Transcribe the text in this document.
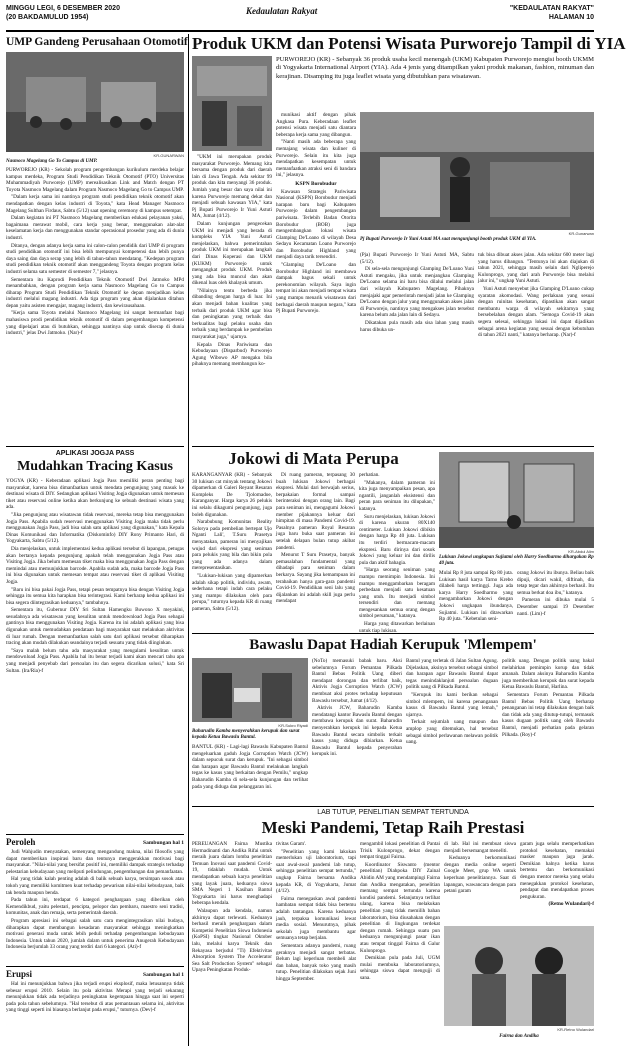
MINGGU LEGI, 6 DESEMBER 2020
(20 BAKDAMULUD 1954)
Kedaulatan Rakyat	"KEDAULATAN RAKYAT"
HALAMAN 10
UMP Gandeng Perusahaan Otomotif
KR-GUNARWAN
Nasmoco Magelang Go To Campus di UMP.

PURWOREJO (KR) - Sekolah program pengembangan kurikulum merdeka belajar kampus merdeka, Program Studi Pendidikan Teknik Otomotif (PTO) Universitas Muhammadiyah Purworejo (UMP) merealisasikan Link and Match dengan PT Toyota Nasmoco Magelang dalam Program Nasmoco Magelang Go to Campus UMP.

"Dalam kerja sama ini nantinya program studi pendidikan teknik otomotif akan mendapatkan dengan kelas industri di Toyota," kata Head Manager Nasmoco Magelang Sulthan Firdaus, Sabtu (5/12) saat opening ceremony di kampus setempat.

Dalam kegiatan ini PT Nasmoco Magelang memberikan edukasi pelayanan yaksi, bagaimana merawat mobil, cara kerja yang benar, menggunakan alat-alat keselamatan kerja dan menggunakan standar operasional prosedur yang ada di dunia industri.

Ditanya, dengan adanya kerja sama ini calon-calon pendidik dari UMP di program studi pendidikan otomotif ini bisa lebih mempunyai kompetensi dan lebih punya daya saing dan daya serap yang lebih di tahun-tahun mendatang. "Kedepan program studi pendidikan teknik otomotif akan menggandeng Toyota dengan program kelas industri selama satu semester di semester 7," jelasnya.

Sementara itu Kaprodi Pendidikan Teknik Otomotif Dwi Jatmoko MPd menambahkan, dengan program kerja sama Nasmoco Magelang Go to Campus diharap Program Studi Pendidikan Teknik Otomotif ke depan menjadikan kelas industri melalui magang industri. Ada tiga program yang akan dijalankan ditahun depan yaitu asisten mengajar, magang industri, dan kewirausahaan.

"Kerja sama Toyota melalui Nasmoco Magelang ini sangat bermanfaat bagi mahasiswa prodi pendidikan teknik otomotif di dalam pengembangan kompetensi yang dipelajari atau di butuhkan, sehingga nantinya siap untuk diserap di dunia industri," jelas Dwi Jatmoko. (Nar)-f

APLIKASI JOGJA PASS
Mudahkan Tracing Kasus

YOGYA (KR) - Keberadaan aplikasi Jogja Pass memiliki peran penting bagi masyarakat, karena bisa dimanfaatkan untuk mendata pengunjung yang masuk ke destinasi wisata di DIY. Sedangkan aplikasi Visiting Jogja digunakan untuk memesan tiket atau reservasi online ketika akan berkunjung ke sebuah destinasi wisata yang ada.

"Jika pengunjung atau wisatawan tidak reservasi, mereka tetap bisa menggunakan Jogja Pass. Apabila sudah reservasi menggunakan Visiting Jogja maka tidak perlu menggunakan Jogja Pass, jadi bisa salah satu aplikasi yang digunakan," kata Kepala Dinas Komunikasi dan Informatika (Diskominfo) DIY Rony Primanto Hari, di Yogyakarta, Sabtu (5/12).

Dia menjelaskan, untuk implementasi kedua aplikasi tersebut di lapangan, petugas akan bertanya kepada pengunjung apakah telah menggunakan Jogja Pass atau Visiting Jogja. Jika belum memesan tiket maka bisa menggunakan Jogja Pass dengan memindai atau memunjukkan barcode. Apabila sudah ada, maka barcode Jogja Pass ini bisa digunakan untuk memesan tempat atau reservasi tiket di aplikasi Visiting Jogja.

"Baru ini bisa pakai Jogja Pass, tetapi pesan tempatnya bisa dengan Visiting Jogja sehingga itu semua kita harapkan bisa terintegrasi. Kami berharap kedua aplikasi ini bisa segera diintegrasikan keduanya," tambahnya.

Sementara itu, Gubernur DIY Sri Sultan Hamengku Buwono X meyakini, sesudahnya ada wisatawan yang kesulitan untuk mendownload Jogja Pass sebagai gantinya bisa menggunakan Visiting Jogja. Karena itu ini adalah aplikasi yang bisa digunakan untuk memudahkan pendataan bagi masyarakat saat melakukan aktivitas di luar rumah. Dengan memanfaatkan salah satu dari aplikasi tersebut diharapkan tracing akan mudah dilakukan seandainya terjadi sesuatu yang tidak diinginkan.

"Saya malah belum tahu ada masyarakat yang mengalami kesulitan untuk mendownload Jogja Pass. Apabila hal itu benar terjadi kami akan mencari tahu apa yang menjadi penyebab dari persoalan itu dan segera dicarikan solusi," kata Sri Sultan. (Ira/Ria)-f

Peroleh	Sambungan hal 1

Judi Wahjudin menyatakan, semenyang mengandung makna, nilai filosofis yang dapat memberikan inspirasi baru dan tentunya menggerakkan motivasi bagi masyarakat. "Nilai-nilai yang bersifat positif ini, memiliki dampak strategis terhadap pelestarian kebudayaan yang meliputi pelindungan, pengembangan dan pemanfaatan.

Hal yang tidak kalah penting adalah di balik sebuah karya, tersimpan sosok atau tokoh yang memiliki komitmen kuat terhadap pewarisan nilai-nilai kebudayaan, baik tak benda maupun benda.

Pada tahun ini, terdapat 6 kategori penghargaan yang diberikan oleh Kemendikbud, yaitu pelestari, pencipta, pelopor dan pembaru, maestro seni tradisi, komunitas, anak dan remaja, serta pemerintah daerah.

Program apresiasi ini sebagai salah satu cara mengintegrasikan nilai budaya, diharapkan dapat membangun kesadaran masyarakat sehingga meningkatkan motivasi generasi muda untuk lebih peduli terhadap pengembangan kebudayaan Indonesia. Untuk tahun 2020, jumlah dalam untuk penerima Anugerah Kebudayaan Indonesia berjumlah 33 orang yang terdiri dari 6 kategori. (Ati)-f

Erupsi	Sambungan hal 1

Hal ini menunjukkan bahwa jika terjadi erupsi eksplosif, maka letusannya tidak sebesar erupsi 2010. Selain itu pola aktivitas Merapi yang terjadi sekarang menunjukkan tidak ada terjadinya peningkatan kegempaan hingga saat ini seperti pada pola tahun sebelumnya. "Hal tersebut di atas pemantauan selama ini, aktivitas yang tinggi seperti ini biasanya berlanjut pada erupsi," tuturnya. (Dev)-f

Produk UKM dan Potensi Wisata Purworejo Tampil di YIA

PURWOREJO (KR) - Sebanyak 36 produk usaha kecil menengah (UKM) Kabupaten Purworejo mengisi booth UKMM di Yogyakarta International Airport (YIA). Ada 4 jenis yang ditampilkan yakni produk makanan, fashion, minuman dan kerajinan. Disamping itu juga leaflet wisata yang dibutuhkan para wisatawan.

"UKM ini merupakan produk masyarakat Purworejo. Memang kita bersama dengan produk dari daerah lain di Jawa Tengah. Ada sekitar 99 produk dan kita menyangi 36 produk. Jumlah yang besar dan saya nilai ini karena Purworejo memang dekat dan menjadi sebuah kawasan YIA," kata Pj Bupati Purworejo Ir Yuni Astuti MA, Jumat (4/12).

Dalam kunjungan pengecekan UKM ini menjadi yang berada di kompleks YIA Yuni Astuti menjelaskan, bahwa pemerintahan produk UKM ini merupakan langkah dari Dinas Koperasi dan UKM (KUKM) Purworejo untuk mengangkat produk UKM. Produk yang ada bisa muncul dan akan dikenal luas oleh khalayak umum.

"Nilainya tentu berbeda jika dibanding dengan harga di luar. Ini akan menjadi bahan kualitas yang terbaik dari produk UKM agar bisa dan peningkatan yang terbaik dan berkualitas bagi pelaku usaha dan terbaik yang berdampak ke pembelian masyarakat juga," ujarnya.

Kepala Dinas Pariwisata dan Kebudayaan (Disparbud) Purworejo Agung Wibowo AP mengaku bila pihaknya memang membangun ko-

munikasi aktif dengan pihak Angkasa Pura. Keberadaan leaflet potensi wisata menjadi satu diantara beberapa kerja sama yang dibangun.

"Nanti masih ada beberapa yang memajang wisata dan kuliner di Purworejo. Selain itu kita juga mendapatkan kesempatan untuk memanfaatkan atraksi seni di bandara ini," jelasnya.

KSPN Borobudur

Kawasan Strategis Pariwisata Nasional (KSPN) Borobudur menjadi harapan baru bagi Kabupaten Purworejo dalam pengembangan pariwisata. Terlebih Badan Otorita Borobudur (BOB) juga mengembangkan lokasi wisata Glamping De'Loano di wilayah Desa Sedayu Kecamatan Loano Purworejo dan Borobudur Highland yang menjadi daya tarik tersendiri.

"Glamping De'Loano dan Borobudur Highland ini membawa dampak bagus sekali untuk perekonomian wilayah. Saya ingin tempat ini akan menjadi tempat wisata yang mampu menarik wisatawan dari berbagai daerah maupun negara," kata Pj Bupati Purworejo.

KR-Gunarwan
Pj Bupati Purworejo Ir Yuni Astuti MA saat mengunjungi booth produk UKM di YIA.

(Pja) Bupati Purworejo Ir Yuni Astuti MA, Sabtu (5/12).

Di sela-sela mengunjungi Glamping De'Loano Yuni Astuti mengaku, jika untuk menjangkau Glamping De'Loano selama ini baru bisa dilalui melalui jalan dari wilayah Kabupaten Magelang. Pihaknya menjajaki agar pemerintah menjadi jalan ke Glamping De'Loano dengan jalur yang menggunakan akses jalan di Purworejo, nantinya yang mengakses jalan tersebut karena belum ada jalan lain di Sedayu.

Dikatakan pula masih ada sisa lahan yang masih harus dibuka un-

tuk bisa dibuat akses jalan. Ada sekitar 600 meter lagi yang harus dibangun. "Tentunya ini akan diajukan di tahun 2021, sehingga masih selain dari Ngliperejo Kulonprogo, yang dari arah Purworejo bisa melalui jalur ini," ungkap Yuni Astuti.

Yuni Astuti menyebut jika Glamping D'Loano cukup syaratan akomodasi. Wang perlakuan yang sesuai dengan ruinitas kesehatan, dipastikan akan sangat membantu warga di wilayah sekitarnya yang bersebelahan dengan alam. "Semoga Covid-19 akan segera selesai, sehingga lokasi ini dapat dijadikan sebagai arena kegiatan yang sesuai dengan kebutuhan di tahun 2021 nanti," katanya berharap. (Nar)-f

Jokowi di Mata Perupa

KARANGANYAR (KR) - Sebanyak 30 lukisan cat minyak tentang Jokowi dipamerkan di Galeri Reyant Resaran Kompleks De Tjolomadoe, Karanganyar. Harga karya 26 pelukis ini selalu dikagumi pengunjung, juga boleh digunakan.

Narabubung Komunitas Reality Solorya pada pembelian bertepat Ujo Nganti Lali', T.Suru Prasetya menyatakan, pameran ini menyajikan wujud dari ekspresi yang seniman para pelukis yang bila dan bikin pola yang ada adanya dalam merepresentasikan.

"Lukisan-lukisan yang dipamerkan adalah sikap politik, individu, awam, sederhana tetapi indah cara pelaku yang mampu dilakukan oleh para perupa," tuturnya kepada KR di ruang pameran, Sabtu (5/12).

Di ruang pameran, terpasang 30 buah lukisan Jokowi berbagai ekspresi. Mulai dari berwajah serius, berpakaian formal sampai berinteraksi dengan orang lain. Bagi para seniman ini, mengagumi Jokowi member pijakannya keluar dari himpitan di masa Pandemi Covid-19. Pasalnya pameran Royal Resaran juga baru buka saat pameran ini setelah delapan bulan tutup akibat pandemi.

Menurut T Suru Prasetya, banyak pemasalahan fundamental yang dihadapi para seniman dalam berkarya. Sayang jika kemampuan ini terabaikan hanya gara-gara pandemi Covid-19. Pendidikan seni lalu yang dijalankan ini adalah skill juga perlu mendapat

perhatian.

"Makanya, dalam pameran ini kita juga menyampaikan pesan, apa ngantili, janganlah eksistensi dan peran para seniman itu dilupakan," katanya.

Suru menjelaskan, lukisan Jokowi di karena ukuran 80X140 centimeter. Lukisan Jokowi dibikin dengan harga Rp 40 juta. Lukisan itu terdiri bermacam-macam ekspresi. Baru dirinya dari sosok Jokowi yang keluar ini dan dirilis pula dan aktif bahagia.

"Harga seorang seniman yang mampu memimpin Indonesia. Ini mampu menggambarkan beragam perbedaan menjadi satu kesatuan yang utuh. Itu menjadi simbol tersendiri dan memang mengesankan semua orang dengan simbol persatuan," katanya.

Harga yang ditawarkan berlainan untuk tiap lukisan.

KR-Abdul Alim
Lukisan Jokowi ungkapan Sujiatmi oleh Harry Soedharmo dihargakan Rp 40 juta.

Mulai Rp 8 juta sampai Rp 80 juta. Lukisan hasil karya Tarno Krebo dilabeli harga tertinggi. Juga ada karya Harry Soedharmo yang mengambarkan Jokowi dengan Jokowi ungkapan ibundanya, Sujiatmi. Lukisan ini ditawarkan Rp 40 juta. "Kebetulan seni-

orang Jokowi itu ibunya. Beliau baik dipuji, dicari wakil, diftinah, dia tetap tegar dan akhirnya berhasil. Itu semua berkat doa ibu," katanya.

Pameran ini dibuka mulai 5 Desember sampai 19 Desember nanti. (Lim)-f

Bawaslu Dapat Hadiah Kerupuk 'Mlempem'
KR-Sukro Riyadi
Baharudin Kamba menyerahkan kerupuk dan surat kepada Ketua Bawaslu Bantul.

BANTUL (KR) - Lagi-lagi Bawaslu Kabupaten Bantul mengeluarkan gaduh Jogja Corruption Watch (JCW) dalam sepucuk surat dan kerupuk. "Ini sebagai simbol dan harapan agar Bawaslu Bantul melakukan langkah tegas ke kasus yang berkaitan dengan Pemilu," ungkap Baharudin Kamba di sela-sela kunjungan dan terlihat pada yang diduga dan pelanggaran ini.

(NoTo) memasuki babak baru. Aksi sebelumnya Forum Pemantau Pilkada Bantul Bebas Politik Uang diberi mendapat dorongan dan terlibat baik, Aktivis Jogja Corruption Watch (JCW) membuat aksi protes terhadap keputusan Bawaslu tersebut, Jumat (4/12).

Aktivis JCW, Baharudin Kamba mendatangi kantor Bawaslu Bantul dengan membawa kerupuk dan surat. Baharudin menyerahkan kerupuk ini kepada Ketua Bawaslu Bantul secara simbolis terkait kasus yang diduga dibiarkan. Ketua Bawaslu Bantul kepada penyerahan kerupuk ini.

Bantul yang terletak di Jalan Sultan Agung. Dijelaskan, aksinya tersebut sebagai simbol dan harapan agar Bawaslu Bantul dapat tegas menindaklanjuti persoalan dugaan politik uang di Pilkada Bantul.

"Kerupuk itu kami berikan sebagai simbol mlempem, ini karena penanganan kasus di Bawaslu Bantul yang lemah," ujarnya.

Terkait sejumlah uang maupun dan amplop yang ditemukan, hal tersebut sebagai simbol perlawanan melawan politik uang.

politik uang. Dengan politik uang bakal melahirkan pemimpin korup dan tidak amanah. Dalam aksinya Baharudin Kamba juga memberikan kerupuk dan surat kepada Ketua Bawaslu Bantul, Harlina.

Sementara Forum Pemantau Pilkada Bantul Bebas Politik Uang berharap penanganan ini tetap dilakukan dengan baik dan tidak ada yang ditutup-tutupi, termasuk kasus dugaan politik uang oleh Bawaslu Bantul, menjadi perhatian pada gelaran Pilkada. (Roy)-f

LAB TUTUP, PENELITIAN SEMPAT TERTUNDA
Meski Pandemi, Tetap Raih Prestasi

PEREUANGAN Fairna Mustika Hermadinanti dan Andika Rifai untuk meraih juara dalam lomba penelitian Temuan Inovasi saat pandemi Covid-19, tidaklah mudah. Untuk mendapatkan sebuah karya penelitian yang layak juara, keduanya siswa SMA Negeri 1 Kasihan Bantul Yogyakarta ini harus menghadapi beberapa kendala.

Walaupun ada kendala, namun akhirnya dapat terlewati. Keduanya berhasil meraih penghargaan dalam Kompetisi Penelitian Siswa Indonesia (KoPSI) tingkat Nasional Oktober lalu, melalui karya Teknik dan Rekayasa berjudul "Ti) Efektivitas Absorption System The Accelerator Sea Salt Production System" sebagai Upaya Peningkatan Produk-

tivitas Garam'.

"Penelitian yang kami lakukan memerlukan uji laboratorium, tapi saat awal-awal pandemi lab tutup, sehingga penelitian sempat tertunda," ungkap Fairna bersama Andika kepada KR, di Yogyakarta, Jumat (4/12).

Fairna menegaskan awal pandemi hambatan sempat tidak bisa bertemu adalah tantangan. Karena keduanya jauh, terpaksa komunikasi lewat media sosial. Menurutnya, pihak sekolah juga membantu agar semuanya tetap berjalan.

Sementara adanya pandemi, ruang geraknya menjadi sangat terbatas. Belum lagi keperluan membeli alat dan bahan, banyak toko yang masih tutup. Penelitian dilakukan sejak Juni hingga September.

mengambil lokasi penelitian di Pantai Trisik Kulonprogo, dekat dengan tempat tinggal Fairna.

Koordinator Siswanto (mentor penelitian) Diahpoka DIY Zainal Abidin AM yang mendampingi Fairna dan Andika mengatakan, penelitian memang sempat tertunda karena kondisi pandemi. Selanjutnya terlihat ulang, karena bisa melakukan penelitian yang tidak memilih bahan laboratorium, bisa diusahakan dengan penelitian di lingkungan terdekat dengan rumah. Sehingga suatu pun keduanya mengunjungi pasar ikan atau tempat tinggal Fairna di Galur Kulonprogo.

Demikian pula pada Juli, UGM mulai membuka laboratoriumnya, sehingga siswa dapat mengujji di sana.

di lab. Hal ini membuat siswa menjadi bersemangat meneliti.

Keduanya berkomunikasi dengan media online seperti Google Meet, grup WA untuk keperluan penelitiannya. Saat di lapangan, wawancara dengan para petani garam

garam juga selalu memperhatikan protokol kesehatan, memakai masker maupun jaga jarak. Demikian halnya ketika harus bertemu dan berkomunikasi dengan mentor mereka yang selalu menegakkan protokol kesehatan, pendapat dan mendapatkan proses pengukuran.

(Retno Wulandari)-f

KR-Retno Wulandari
Fairna dan Andika
